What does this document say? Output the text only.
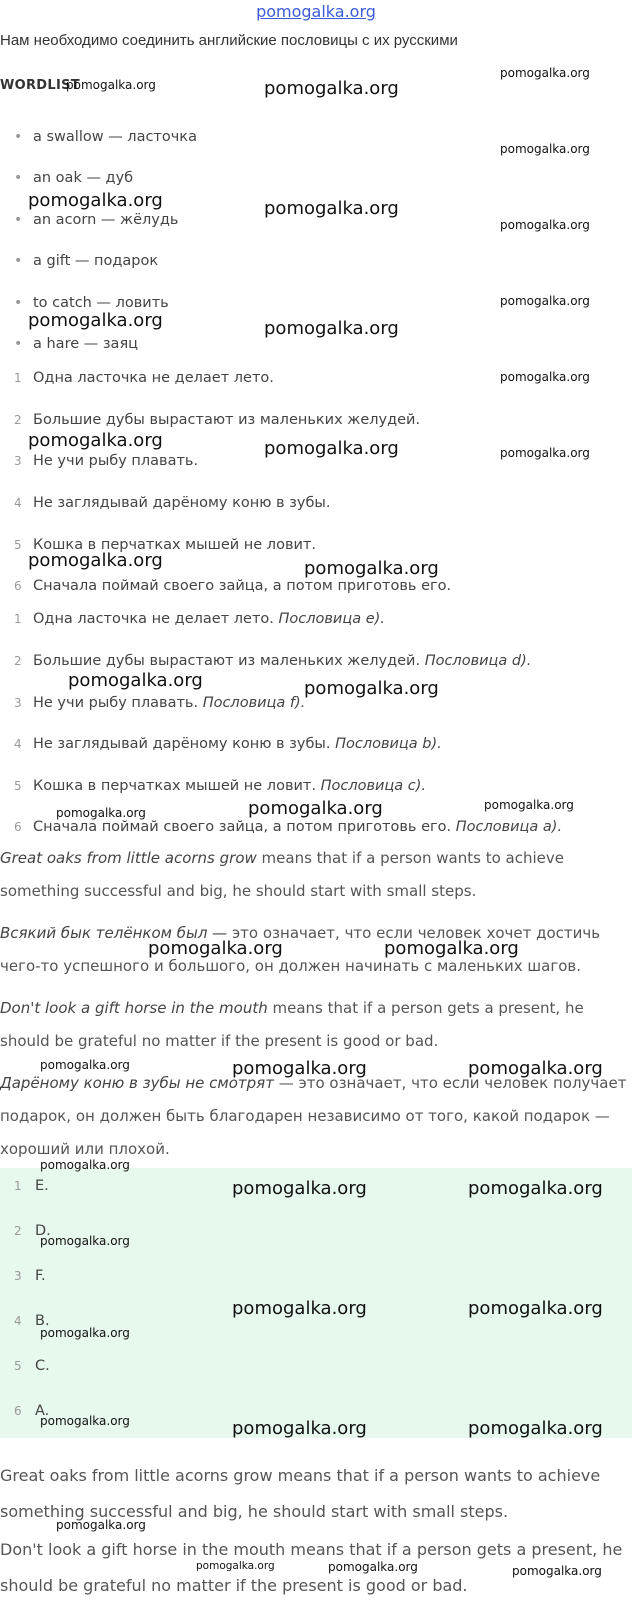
pomogalka.org
Нам необходимо соединить английские пословицы с их русскими
WORDLIST
• a swallow — ласточка
• an oak — дуб
• an acorn — жёлудь
• a gift — подарок
• to catch — ловить
• a hare — заяц
1 Одна ласточка не делает лето.
2 Большие дубы вырастают из маленьких желудей.
3 Не учи рыбу плавать.
4 Не заглядывай дарёному коню в зубы.
5 Кошка в перчатках мышей не ловит.
6 Сначала поймай своего зайца, а потом приготовь его.
1 Одна ласточка не делает лето. Пословица e).
2 Большие дубы вырастают из маленьких желудей. Пословица d).
3 Не учи рыбу плавать. Пословица f).
4 Не заглядывай дарёному коню в зубы. Пословица b).
5 Кошка в перчатках мышей не ловит. Пословица c).
6 Сначала поймай своего зайца, а потом приготовь его. Пословица a).
Great oaks from little acorns grow means that if a person wants to achieve something successful and big, he should start with small steps.
Всякий бык телёнком был — это означает, что если человек хочет достичь чего-то успешного и большого, он должен начинать с маленьких шагов.
Don't look a gift horse in the mouth means that if a person gets a present, he should be grateful no matter if the present is good or bad.
Дарёному коню в зубы не смотрят — это означает, что если человек получает подарок, он должен быть благодарен независимо от того, какой подарок — хороший или плохой.
1 E.
2 D.
3 F.
4 B.
5 C.
6 A.
Great oaks from little acorns grow means that if a person wants to achieve something successful and big, he should start with small steps.
Don't look a gift horse in the mouth means that if a person gets a present, he should be grateful no matter if the present is good or bad.
pomogalka.org	pomogalka.org
pomogalka.org
pomogalka.org
pomogalka.org	pomogalka.org
pomogalka.org
pomogalka.org
pomogalka.org	pomogalka.org
pomogalka.org
pomogalka.org	pomogalka.org	pomogalka.org
pomogalka.org	pomogalka.org
pomogalka.org	pomogalka.org
pomogalka.org
pomogalka.org	pomogalka.org
pomogalka.org	pomogalka.org
pomogalka.org	pomogalka.org	pomogalka.org
pomogalka.org
pomogalka.org	pomogalka.org
pomogalka.org
pomogalka.org	pomogalka.org
pomogalka.org
pomogalka.org	pomogalka.org	pomogalka.org
pomogalka.org
pomogalka.org	pomogalka.org	pomogalka.org
